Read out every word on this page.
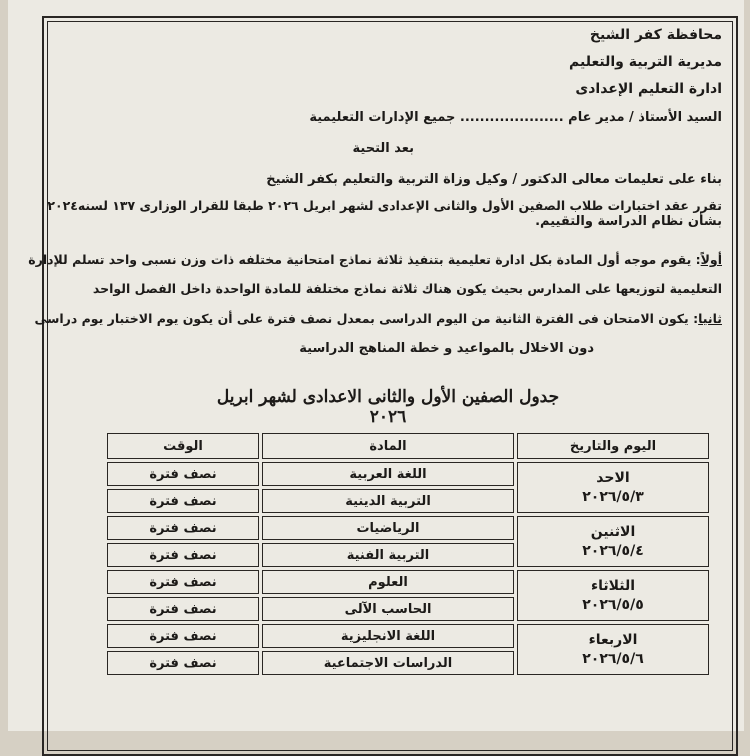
محافظة كفر الشيخ
مديرية التربية والتعليم
ادارة التعليم الإعدادى
السيد الأستاذ / مدير عام ..................... جميع الإدارات التعليمية
بعد التحية
بناء على تعليمات معالى الدكتور / وكيل وزاة التربية والتعليم بكفر الشيخ
تقرر عقد اختبارات طلاب الصفين الأول والثانى الإعدادى لشهر ابريل ٢٠٢٦ طبقا للقرار الوزارى ١٣٧ لسنه٢٠٢٤
بشأن نظام الدراسة والتقييم.
أولاً: يقوم موجه أول المادة بكل ادارة تعليمية بتنفيذ ثلاثة نماذج امتحانية مختلفه ذات وزن نسبى واحد تسلم للإدارة
التعليمية لتوزيعها على المدارس بحيث يكون هناك ثلاثة نماذج مختلفة للمادة الواحدة داخل الفصل الواحد
ثانيا: يكون الامتحان فى الفترة الثانية من اليوم الدراسى بمعدل نصف فترة على أن يكون يوم الاختبار يوم دراسى
دون الاخلال بالمواعيد و خطة المناهج الدراسية
جدول الصفين الأول والثانى الاعدادى لشهر ابريل ٢٠٢٦
اليوم والتاريخ	المادة	الوقت

الاحد
٢٠٢٦/٥/٣	اللغة العربية	نصف فترة
	التربية الدينية	نصف فترة

الاثنين
٢٠٢٦/٥/٤	الرياضيات	نصف فترة
	التربية الفنية	نصف فترة

الثلاثاء
٢٠٢٦/٥/٥	العلوم	نصف فترة
	الحاسب الآلى	نصف فترة

الاربعاء
٢٠٢٦/٥/٦	اللغة الانجليزية	نصف فترة
	الدراسات الاجتماعية	نصف فترة
